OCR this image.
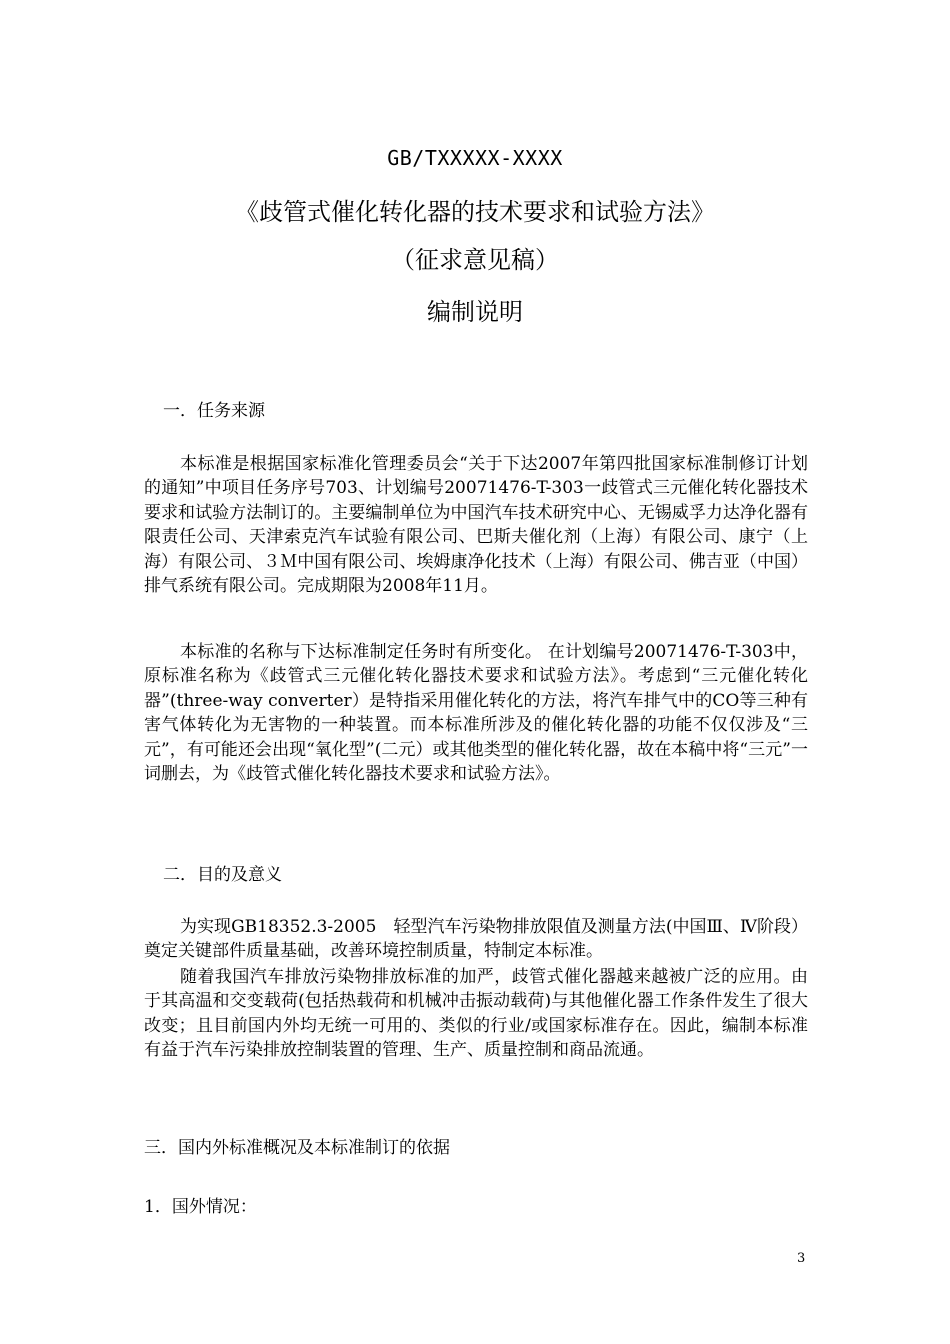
GB/TXXXXX-XXXX
《歧管式催化转化器的技术要求和试验方法》
（征求意见稿）
编制说明
一．任务来源

本标准是根据国家标准化管理委员会“关于下达2007年第四批国家标准制修订计划的通知”中项目任务序号703、计划编号20071476-T-303一歧管式三元催化转化器技术要求和试验方法制订的。主要编制单位为中国汽车技术研究中心、无锡威孚力达净化器有限责任公司、天津索克汽车试验有限公司、巴斯夫催化剂（上海）有限公司、康宁（上海）有限公司、３Ｍ中国有限公司、埃姆康净化技术（上海）有限公司、佛吉亚（中国）排气系统有限公司。完成期限为2008年11月。

本标准的名称与下达标准制定任务时有所变化。 在计划编号20071476-T-303中，原标准名称为《歧管式三元催化转化器技术要求和试验方法》。考虑到“三元催化转化器”(three-way converter）是特指采用催化转化的方法，将汽车排气中的CO等三种有害气体转化为无害物的一种装置。而本标准所涉及的催化转化器的功能不仅仅涉及“三元”，有可能还会出现“氧化型”(二元）或其他类型的催化转化器，故在本稿中将“三元”一词删去，为《歧管式催化转化器技术要求和试验方法》。

二．目的及意义

为实现GB18352.3-2005　轻型汽车污染物排放限值及测量方法(中国Ⅲ、Ⅳ阶段）奠定关键部件质量基础，改善环境控制质量，特制定本标准。

随着我国汽车排放污染物排放标准的加严，歧管式催化器越来越被广泛的应用。由于其高温和交变载荷(包括热载荷和机械冲击振动载荷)与其他催化器工作条件发生了很大改变；且目前国内外均无统一可用的、类似的行业/或国家标准存在。因此，编制本标准有益于汽车污染排放控制装置的管理、生产、质量控制和商品流通。

三．国内外标准概况及本标准制订的依据
1．国外情况：
3
